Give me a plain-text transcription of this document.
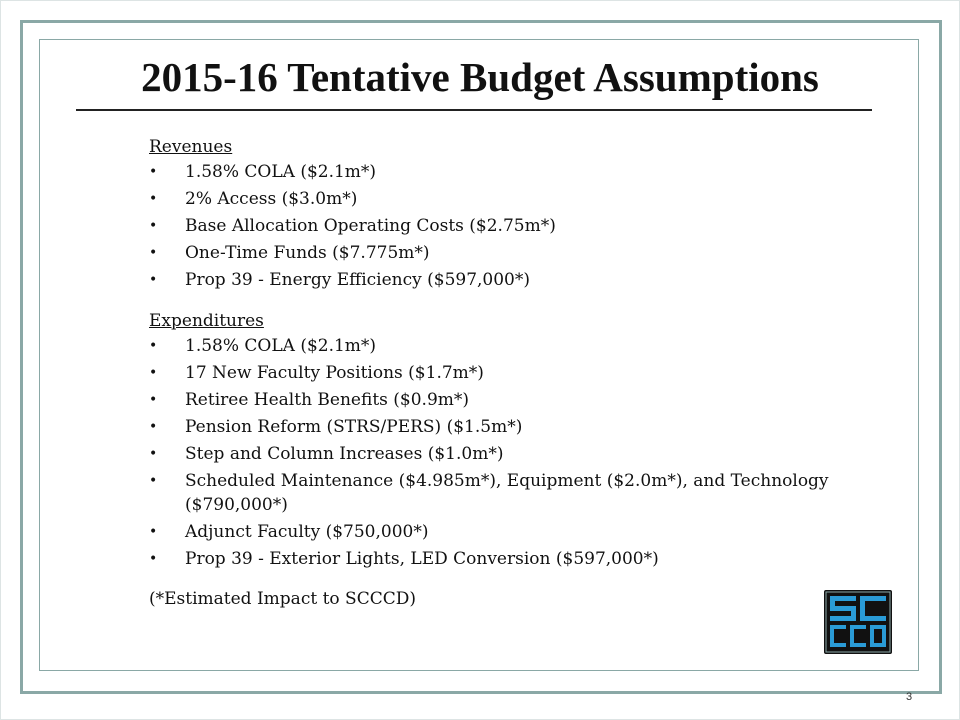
2015-16 Tentative Budget Assumptions

Revenues

• 1.58% COLA ($2.1m*)
• 2% Access ($3.0m*)
• Base Allocation Operating Costs ($2.75m*)
• One-Time Funds ($7.775m*)
• Prop 39 - Energy Efficiency ($597,000*)

Expenditures

• 1.58% COLA ($2.1m*)
• 17 New Faculty Positions ($1.7m*)
• Retiree Health Benefits ($0.9m*)
• Pension Reform (STRS/PERS) ($1.5m*)
• Step and Column Increases ($1.0m*)
• Scheduled Maintenance ($4.985m*), Equipment ($2.0m*), and Technology ($790,000*)
• Adjunct Faculty ($750,000*)
• Prop 39 - Exterior Lights, LED Conversion ($597,000*)

(*Estimated Impact to SCCCD)

3
